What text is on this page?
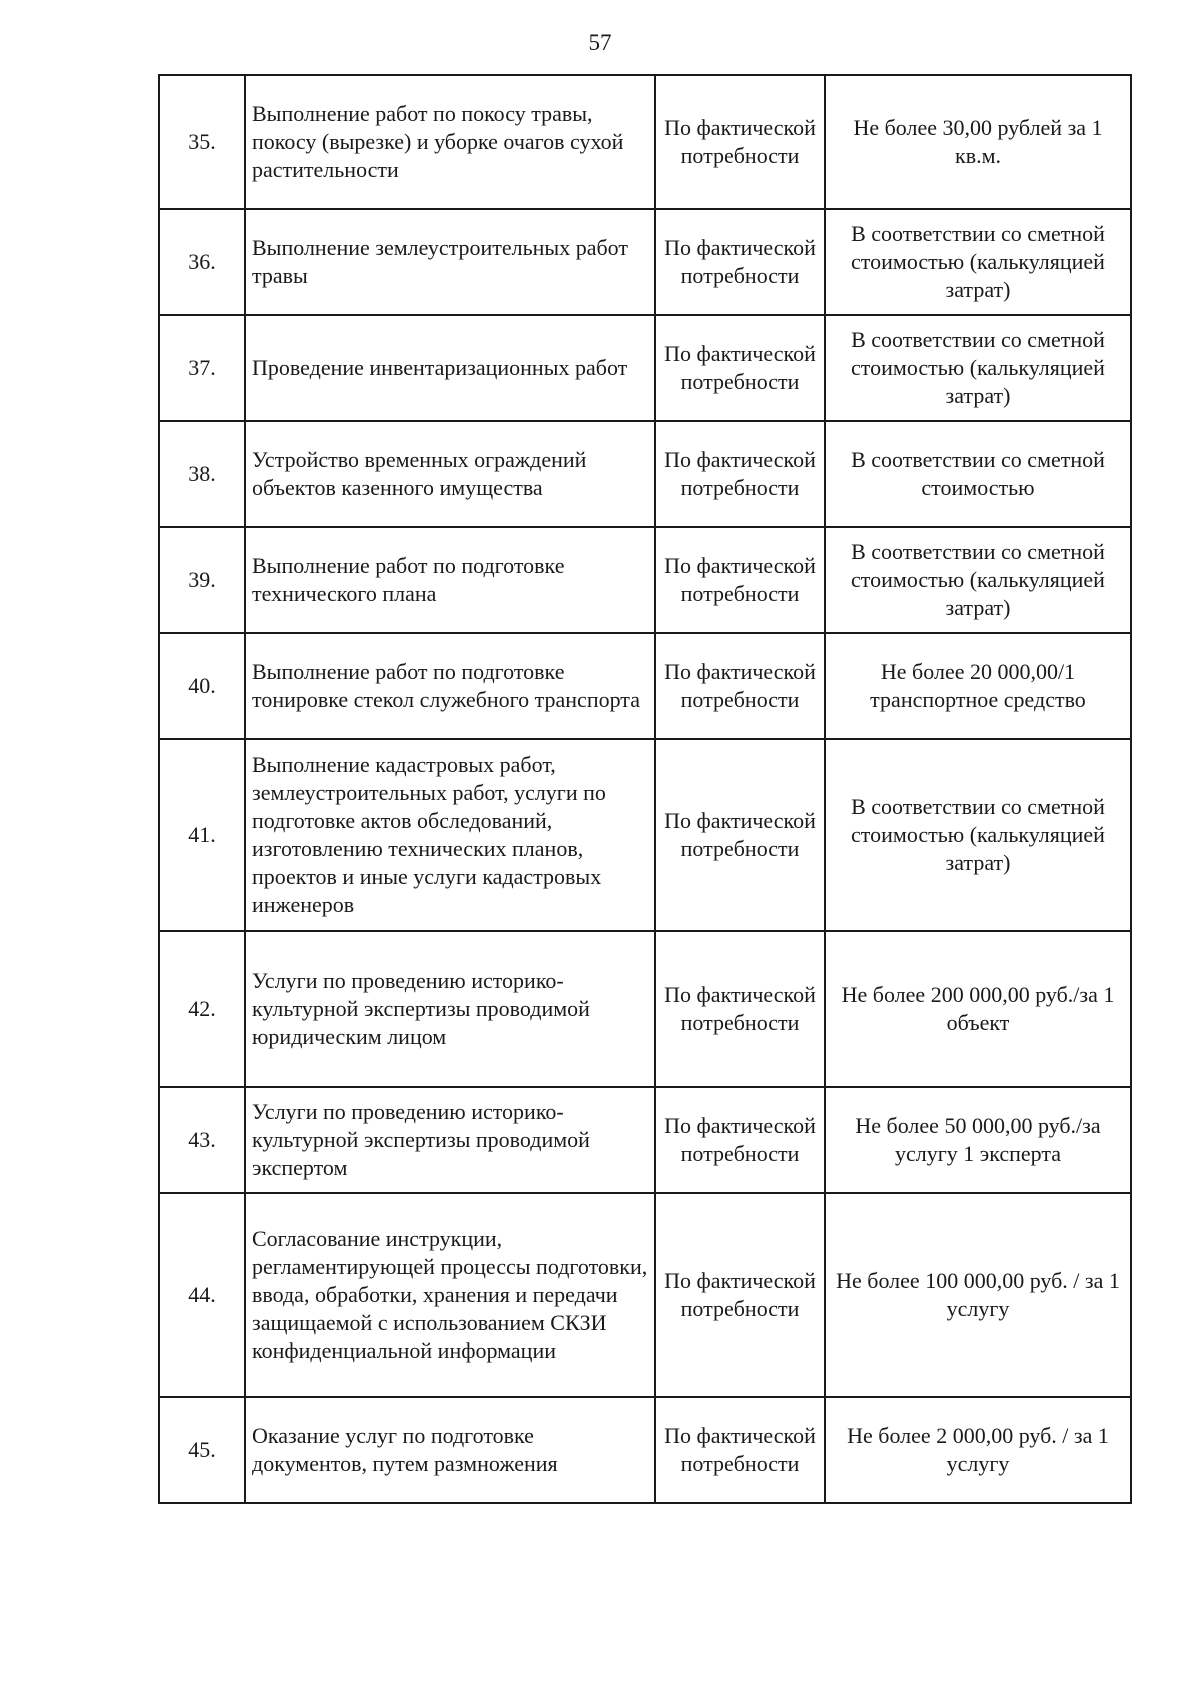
57
35.	Выполнение работ по покосу травы, покосу (вырезке) и уборке очагов сухой растительности	По фактической потребности	Не более 30,00 рублей за 1 кв.м.
36.	Выполнение землеустроительных работ травы	По фактической потребности	В соответствии со сметной стоимостью (калькуляцией затрат)
37.	Проведение инвентаризационных работ	По фактической потребности	В соответствии со сметной стоимостью (калькуляцией затрат)
38.	Устройство временных ограждений объектов казенного имущества	По фактической потребности	В соответствии со сметной стоимостью
39.	Выполнение работ по подготовке технического плана	По фактической потребности	В соответствии со сметной стоимостью (калькуляцией затрат)
40.	Выполнение работ по подготовке тонировке стекол служебного транспорта	По фактической потребности	Не более 20 000,00/1 транспортное средство
41.	Выполнение кадастровых работ, землеустроительных работ, услуги по подготовке актов обследований, изготовлению технических планов, проектов и иные услуги кадастровых инженеров	По фактической потребности	В соответствии со сметной стоимостью (калькуляцией затрат)
42.	Услуги по проведению историко-культурной экспертизы проводимой юридическим лицом	По фактической потребности	Не более 200 000,00 руб./за 1 объект
43.	Услуги по проведению историко-культурной экспертизы проводимой экспертом	По фактической потребности	Не более 50 000,00 руб./за услугу 1 эксперта
44.	Согласование инструкции, регламентирующей процессы подготовки, ввода, обработки, хранения и передачи защищаемой с использованием СКЗИ конфиденциальной информации	По фактической потребности	Не более 100 000,00 руб. / за 1 услугу
45.	Оказание услуг по подготовке документов, путем размножения	По фактической потребности	Не более 2 000,00 руб. / за 1 услугу
